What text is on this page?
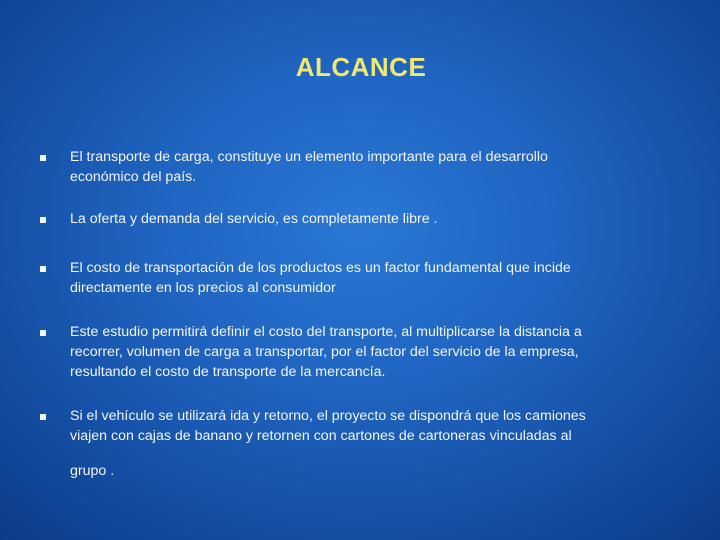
ALCANCE
El transporte de carga, constituye un elemento importante para el desarrollo
económico del país.
La oferta y demanda del servicio, es completamente libre .
El costo de transportación de los productos es un factor fundamental que incide
directamente en los precios al consumidor
Este estudio permitirá definir el costo del transporte, al multiplicarse la distancia a
recorrer, volumen de carga a transportar, por el factor del servicio de la empresa,
resultando el costo de transporte de la mercancía.
Si el vehículo se utilizará ida y retorno, el proyecto se dispondrá que los camiones
viajen con cajas de banano y retornen con cartones de cartoneras vinculadas al
grupo .
